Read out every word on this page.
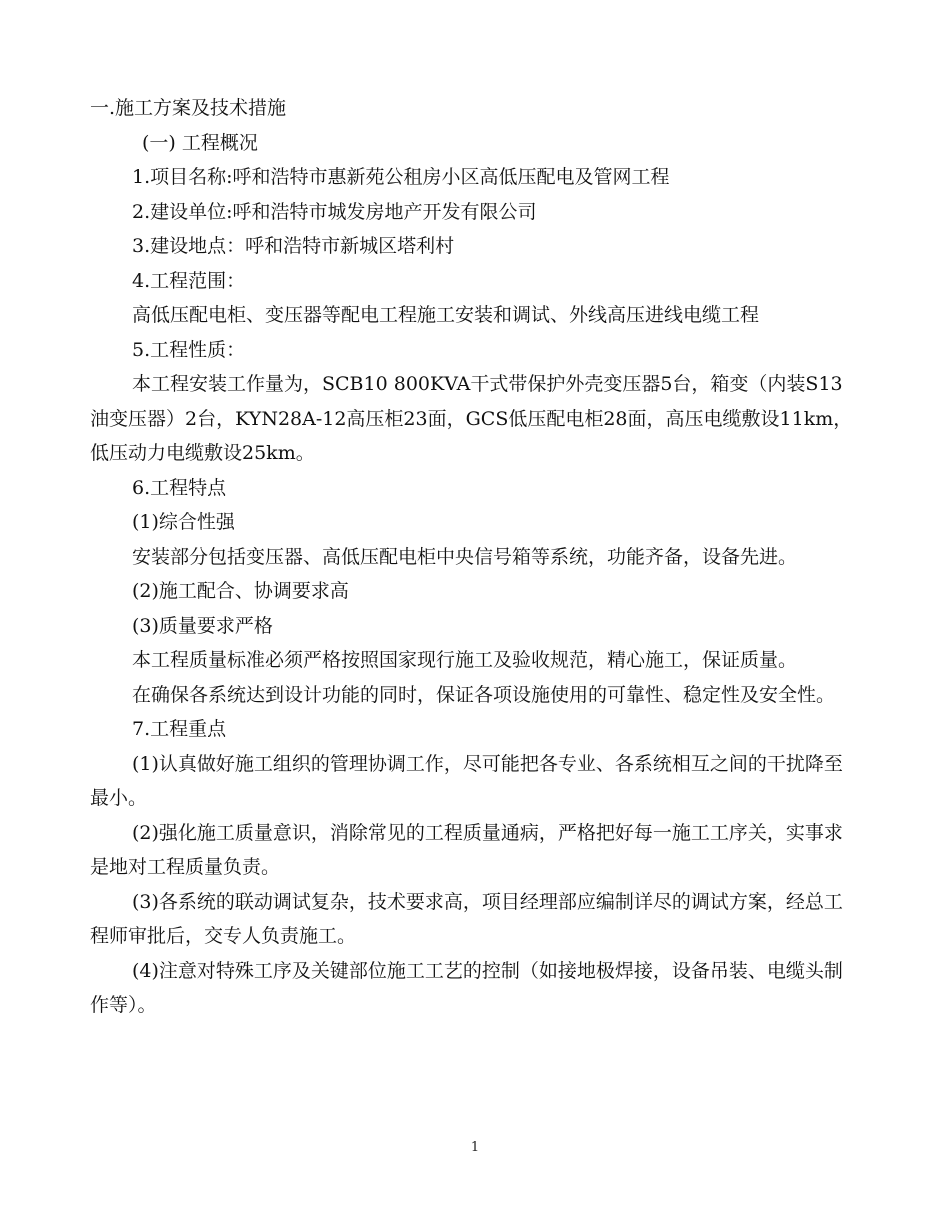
一.施工方案及技术措施

(一) 工程概况

1.项目名称:呼和浩特市惠新苑公租房小区高低压配电及管网工程

2.建设单位:呼和浩特市城发房地产开发有限公司

3.建设地点：呼和浩特市新城区塔利村

4.工程范围：

高低压配电柜、变压器等配电工程施工安装和调试、外线高压进线电缆工程

5.工程性质：

本工程安装工作量为，SCB10 800KVA干式带保护外壳变压器5台，箱变（内装S13油变压器）2台，KYN28A-12高压柜23面，GCS低压配电柜28面，高压电缆敷设11km，低压动力电缆敷设25km。

6.工程特点

(1)综合性强

安装部分包括变压器、高低压配电柜中央信号箱等系统，功能齐备，设备先进。

(2)施工配合、协调要求高

(3)质量要求严格

本工程质量标准必须严格按照国家现行施工及验收规范，精心施工，保证质量。

在确保各系统达到设计功能的同时，保证各项设施使用的可靠性、稳定性及安全性。

7.工程重点

(1)认真做好施工组织的管理协调工作，尽可能把各专业、各系统相互之间的干扰降至最小。

(2)强化施工质量意识，消除常见的工程质量通病，严格把好每一施工工序关，实事求是地对工程质量负责。

(3)各系统的联动调试复杂，技术要求高，项目经理部应编制详尽的调试方案，经总工程师审批后，交专人负责施工。

(4)注意对特殊工序及关键部位施工工艺的控制（如接地极焊接，设备吊装、电缆头制作等）。

1
